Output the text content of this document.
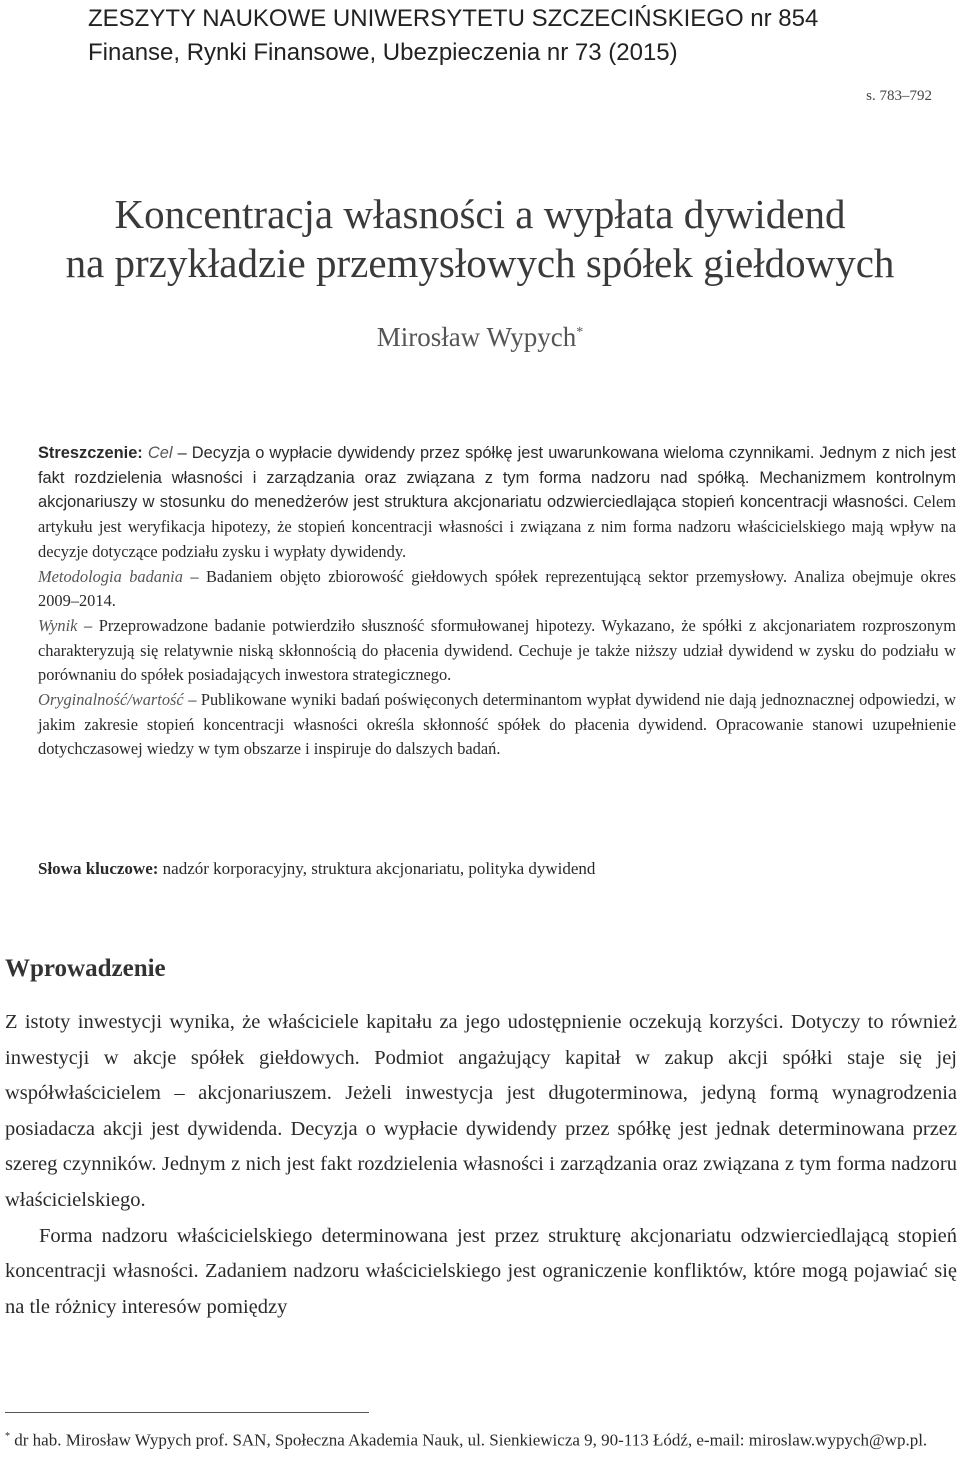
ZESZYTY NAUKOWE UNIWERSYTETU SZCZECIŃSKIEGO nr 854
Finanse, Rynki Finansowe, Ubezpieczenia nr 73 (2015)
s. 783–792
Koncentracja własności a wypłata dywidend
na przykładzie przemysłowych spółek giełdowych
Mirosław Wypych*

Streszczenie: Cel – Decyzja o wypłacie dywidendy przez spółkę jest uwarunkowana wieloma czynnikami. Jednym z nich jest fakt rozdzielenia własności i zarządzania oraz związana z tym forma nadzoru nad spółką. Mechanizmem kontrolnym akcjonariuszy w stosunku do menedżerów jest struktura akcjonariatu odzwierciedlająca stopień koncentracji własności. Celem artykułu jest weryfikacja hipotezy, że stopień koncentracji własności i związana z nim forma nadzoru właścicielskiego mają wpływ na decyzje dotyczące podziału zysku i wypłaty dywidendy.

Metodologia badania – Badaniem objęto zbiorowość giełdowych spółek reprezentującą sektor przemysłowy. Analiza obejmuje okres 2009–2014.

Wynik – Przeprowadzone badanie potwierdziło słuszność sformułowanej hipotezy. Wykazano, że spółki z akcjonariatem rozproszonym charakteryzują się relatywnie niską skłonnością do płacenia dywidend. Cechuje je także niższy udział dywidend w zysku do podziału w porównaniu do spółek posiadających inwestora strategicznego.

Oryginalność/wartość – Publikowane wyniki badań poświęconych determinantom wypłat dywidend nie dają jednoznacznej odpowiedzi, w jakim zakresie stopień koncentracji własności określa skłonność spółek do płacenia dywidend. Opracowanie stanowi uzupełnienie dotychczasowej wiedzy w tym obszarze i inspiruje do dalszych badań.

Słowa kluczowe: nadzór korporacyjny, struktura akcjonariatu, polityka dywidend
Wprowadzenie

Z istoty inwestycji wynika, że właściciele kapitału za jego udostępnienie oczekują korzyści. Dotyczy to również inwestycji w akcje spółek giełdowych. Podmiot angażujący kapitał w zakup akcji spółki staje się jej współwłaścicielem – akcjonariuszem. Jeżeli inwestycja jest długoterminowa, jedyną formą wynagrodzenia posiadacza akcji jest dywidenda. Decyzja o wypłacie dywidendy przez spółkę jest jednak determinowana przez szereg czynników. Jednym z nich jest fakt rozdzielenia własności i zarządzania oraz związana z tym forma nadzoru właścicielskiego.

Forma nadzoru właścicielskiego determinowana jest przez strukturę akcjonariatu odzwierciedlającą stopień koncentracji własności. Zadaniem nadzoru właścicielskiego jest ograniczenie konfliktów, które mogą pojawiać się na tle różnicy interesów pomiędzy

* dr hab. Mirosław Wypych prof. SAN, Społeczna Akademia Nauk, ul. Sienkiewicza 9, 90-113 Łódź, e-mail: miroslaw.wypych@wp.pl.
